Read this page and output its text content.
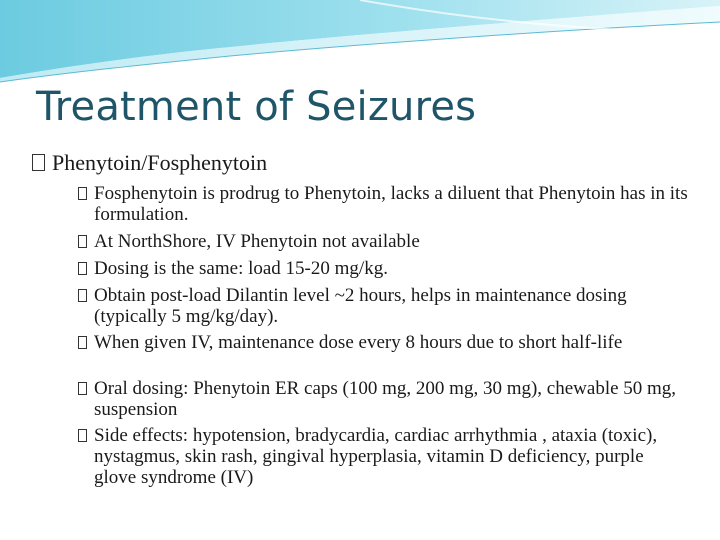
Treatment of Seizures
Phenytoin/Fosphenytoin
Fosphenytoin is prodrug to Phenytoin, lacks a diluent that Phenytoin has in its formulation.
At NorthShore, IV Phenytoin not available
Dosing is the same: load 15-20 mg/kg.
Obtain post-load Dilantin level ~2 hours, helps in maintenance dosing (typically 5 mg/kg/day).
When given IV, maintenance dose every 8 hours due to short half-life
Oral dosing: Phenytoin ER caps (100 mg, 200 mg, 30 mg), chewable 50 mg, suspension
Side effects: hypotension, bradycardia, cardiac arrhythmia , ataxia (toxic), nystagmus, skin rash, gingival hyperplasia, vitamin D deficiency, purple glove syndrome (IV)
